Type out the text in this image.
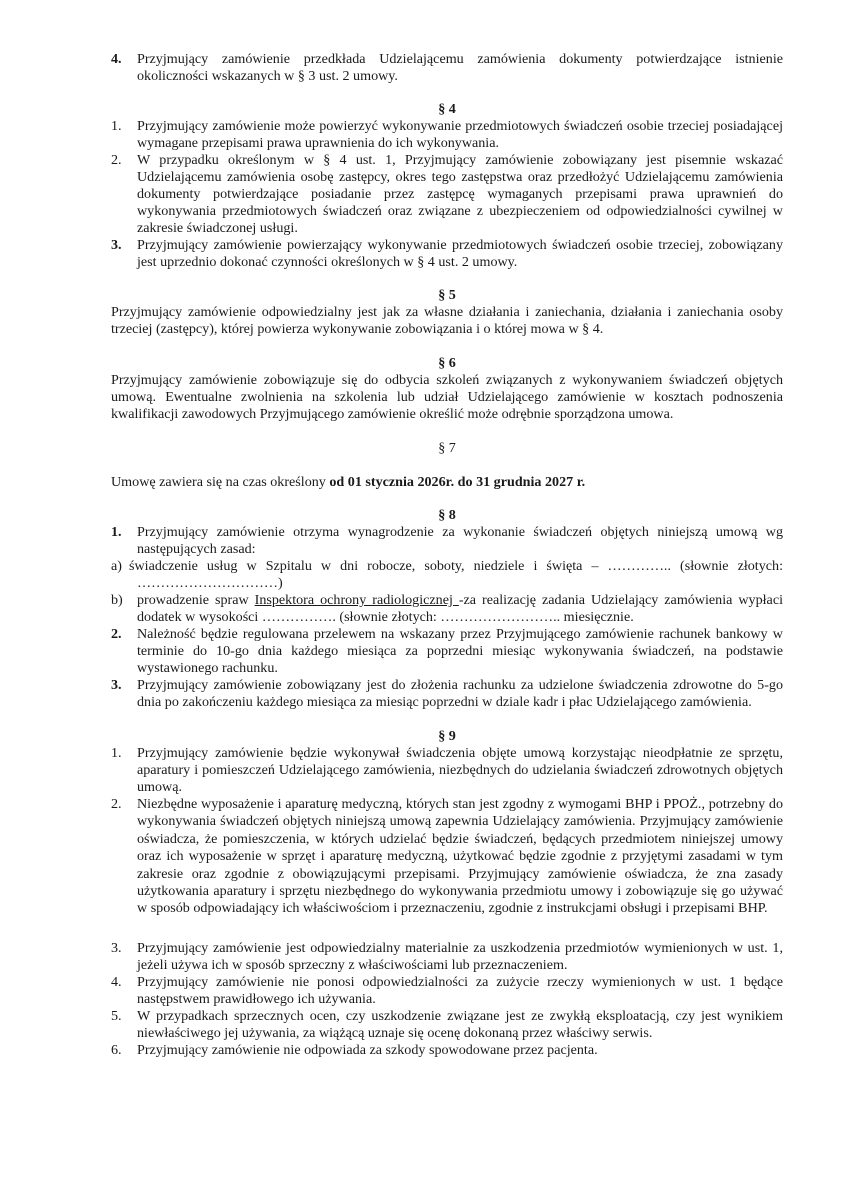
4.	Przyjmujący zamówienie przedkłada Udzielającemu zamówienia dokumenty potwierdzające istnienie okoliczności wskazanych w § 3 ust. 2 umowy.
§ 4
1.	Przyjmujący zamówienie może powierzyć wykonywanie przedmiotowych świadczeń osobie trzeciej posiadającej wymagane przepisami prawa uprawnienia do ich wykonywania.
2.	W przypadku określonym w § 4 ust. 1, Przyjmujący zamówienie zobowiązany jest pisemnie wskazać Udzielającemu zamówienia osobę zastępcy, okres tego zastępstwa oraz przedłożyć Udzielającemu zamówienia dokumenty potwierdzające posiadanie przez zastępcę wymaganych przepisami prawa uprawnień do wykonywania przedmiotowych świadczeń oraz związane z ubezpieczeniem od odpowiedzialności cywilnej w zakresie świadczonej usługi.
3.	Przyjmujący zamówienie powierzający wykonywanie przedmiotowych świadczeń osobie trzeciej, zobowiązany jest uprzednio dokonać czynności określonych w § 4 ust. 2 umowy.
§ 5
Przyjmujący zamówienie odpowiedzialny jest jak za własne działania i zaniechania, działania i zaniechania osoby trzeciej (zastępcy), której powierza wykonywanie zobowiązania i o której mowa w § 4.
§ 6
Przyjmujący zamówienie zobowiązuje się do odbycia szkoleń związanych z wykonywaniem świadczeń objętych umową. Ewentualne zwolnienia na szkolenia lub udział Udzielającego zamówienie w kosztach podnoszenia kwalifikacji zawodowych Przyjmującego zamówienie określić może odrębnie sporządzona umowa.
§ 7
Umowę zawiera się na czas określony od 01 stycznia 2026r. do 31 grudnia 2027 r.
§ 8
1.	Przyjmujący zamówienie otrzyma wynagrodzenie za wykonanie świadczeń objętych niniejszą umową wg następujących zasad:
a) świadczenie usług w Szpitalu w dni robocze, soboty, niedziele i święta – ………….. (słownie złotych: …………………………)
b)	prowadzenie spraw Inspektora ochrony radiologicznej -za realizację zadania Udzielający zamówienia wypłaci dodatek w wysokości ……………. (słownie złotych: …………………….. miesięcznie.
2.	Należność będzie regulowana przelewem na wskazany przez Przyjmującego zamówienie rachunek bankowy w terminie do 10-go dnia każdego miesiąca za poprzedni miesiąc wykonywania świadczeń, na podstawie wystawionego rachunku.
3.	Przyjmujący zamówienie zobowiązany jest do złożenia rachunku za udzielone świadczenia zdrowotne do 5-go dnia po zakończeniu każdego miesiąca za miesiąc poprzedni w dziale kadr i płac Udzielającego zamówienia.
§ 9
1.	Przyjmujący zamówienie będzie wykonywał świadczenia objęte umową korzystając nieodpłatnie ze sprzętu, aparatury i pomieszczeń Udzielającego zamówienia, niezbędnych do udzielania świadczeń zdrowotnych objętych umową.
2.	Niezbędne wyposażenie i aparaturę medyczną, których stan jest zgodny z wymogami BHP i PPOŻ., potrzebny do wykonywania świadczeń objętych niniejszą umową zapewnia Udzielający zamówienia. Przyjmujący zamówienie oświadcza, że pomieszczenia, w których udzielać będzie świadczeń, będących przedmiotem niniejszej umowy oraz ich wyposażenie w sprzęt i aparaturę medyczną, użytkować będzie zgodnie z przyjętymi zasadami w tym zakresie oraz zgodnie z obowiązującymi przepisami. Przyjmujący zamówienie oświadcza, że zna zasady użytkowania aparatury i sprzętu niezbędnego do wykonywania przedmiotu umowy i zobowiązuje się go używać w sposób odpowiadający ich właściwościom i przeznaczeniu, zgodnie z instrukcjami obsługi i przepisami BHP.
3.	Przyjmujący zamówienie jest odpowiedzialny materialnie za uszkodzenia przedmiotów wymienionych w ust. 1, jeżeli używa ich w sposób sprzeczny z właściwościami lub przeznaczeniem.
4.	Przyjmujący zamówienie nie ponosi odpowiedzialności za zużycie rzeczy wymienionych w ust. 1 będące następstwem prawidłowego ich używania.
5.	W przypadkach sprzecznych ocen, czy uszkodzenie związane jest ze zwykłą eksploatacją, czy jest wynikiem niewłaściwego jej używania, za wiążącą uznaje się ocenę dokonaną przez właściwy serwis.
6.	Przyjmujący zamówienie nie odpowiada za szkody spowodowane przez pacjenta.
